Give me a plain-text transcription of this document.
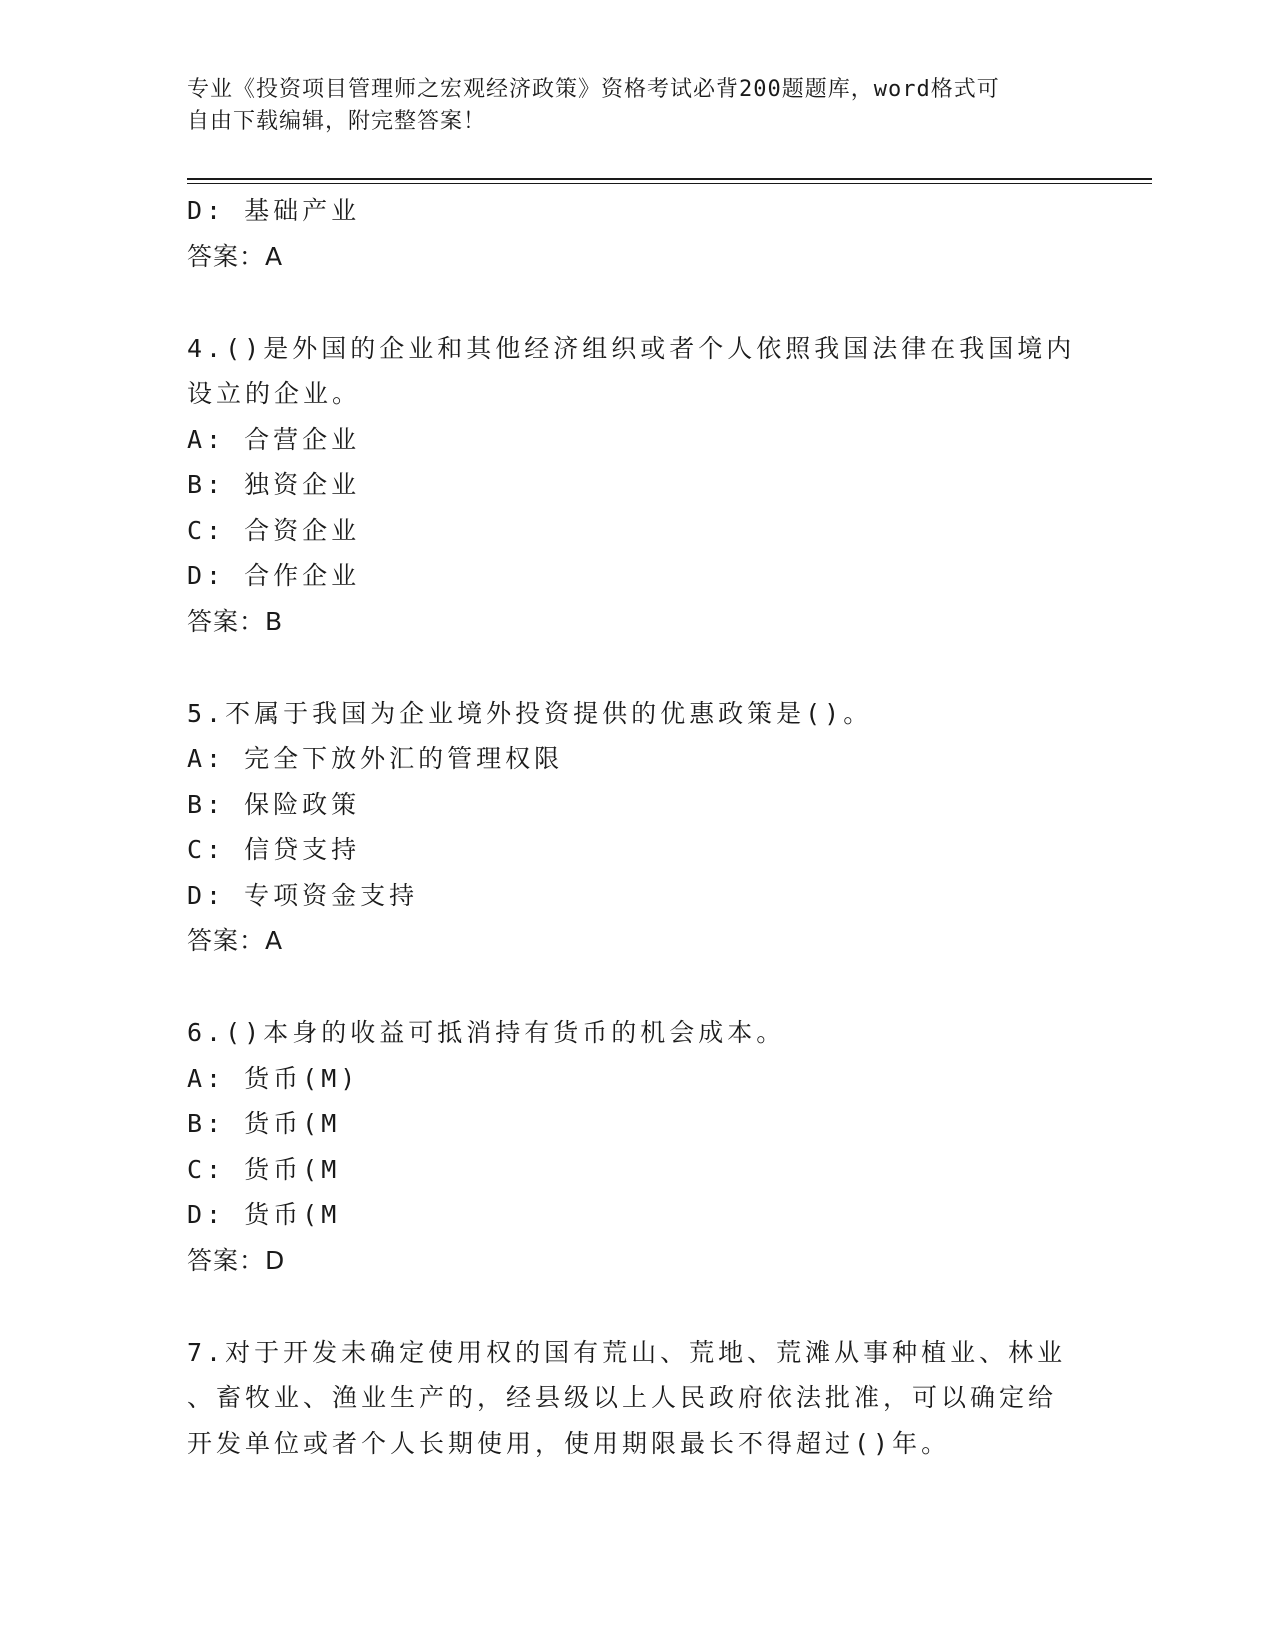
专业《投资项目管理师之宏观经济政策》资格考试必背200题题库，word格式可
自由下载编辑，附完整答案！
D: 基础产业
答案：A
4.()是外国的企业和其他经济组织或者个人依照我国法律在我国境内
设立的企业。
A: 合营企业
B: 独资企业
C: 合资企业
D: 合作企业
答案：B
5.不属于我国为企业境外投资提供的优惠政策是()。
A: 完全下放外汇的管理权限
B: 保险政策
C: 信贷支持
D: 专项资金支持
答案：A
6.()本身的收益可抵消持有货币的机会成本。
A: 货币(M)
B: 货币(M
C: 货币(M
D: 货币(M
答案：D
7.对于开发未确定使用权的国有荒山、荒地、荒滩从事种植业、林业
、畜牧业、渔业生产的，经县级以上人民政府依法批准，可以确定给
开发单位或者个人长期使用，使用期限最长不得超过()年。
